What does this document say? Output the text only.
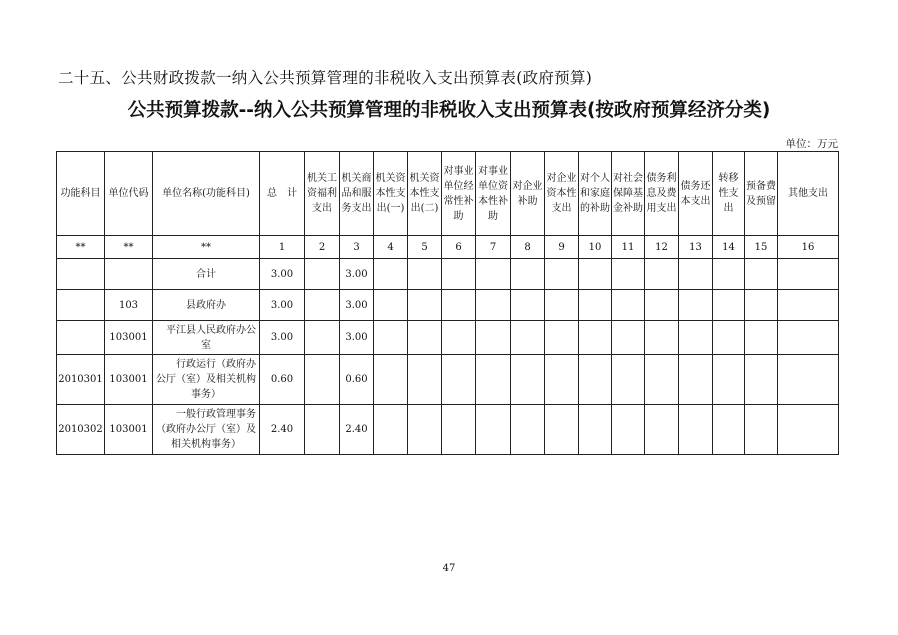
二十五、公共财政拨款一纳入公共预算管理的非税收入支出预算表(政府预算)
公共预算拨款--纳入公共预算管理的非税收入支出预算表(按政府预算经济分类)
单位：万元
功能科目	单位代码	单位名称(功能科目)	总　计	机关工资福利支出	机关商品和服务支出	机关资本性支出(一)	机关资本性支出(二)	对事业单位经常性补助	对事业单位资本性补助	对企业补助	对企业资本性支出	对个人和家庭的补助	对社会保障基金补助	债务利息及费用支出	债务还本支出	转移性支出	预备费及预留	其他支出
**	**	**	1	2	3	4	5	6	7	8	9	10	11	12	13	14	15	16
		合计	3.00		3.00													
	103	县政府办	3.00		3.00													
	103001	平江县人民政府办公室	3.00		3.00													
2010301	103001	行政运行（政府办公厅（室）及相关机构事务）	0.60		0.60													
2010302	103001	一般行政管理事务（政府办公厅（室）及相关机构事务）	2.40		2.40													
47
